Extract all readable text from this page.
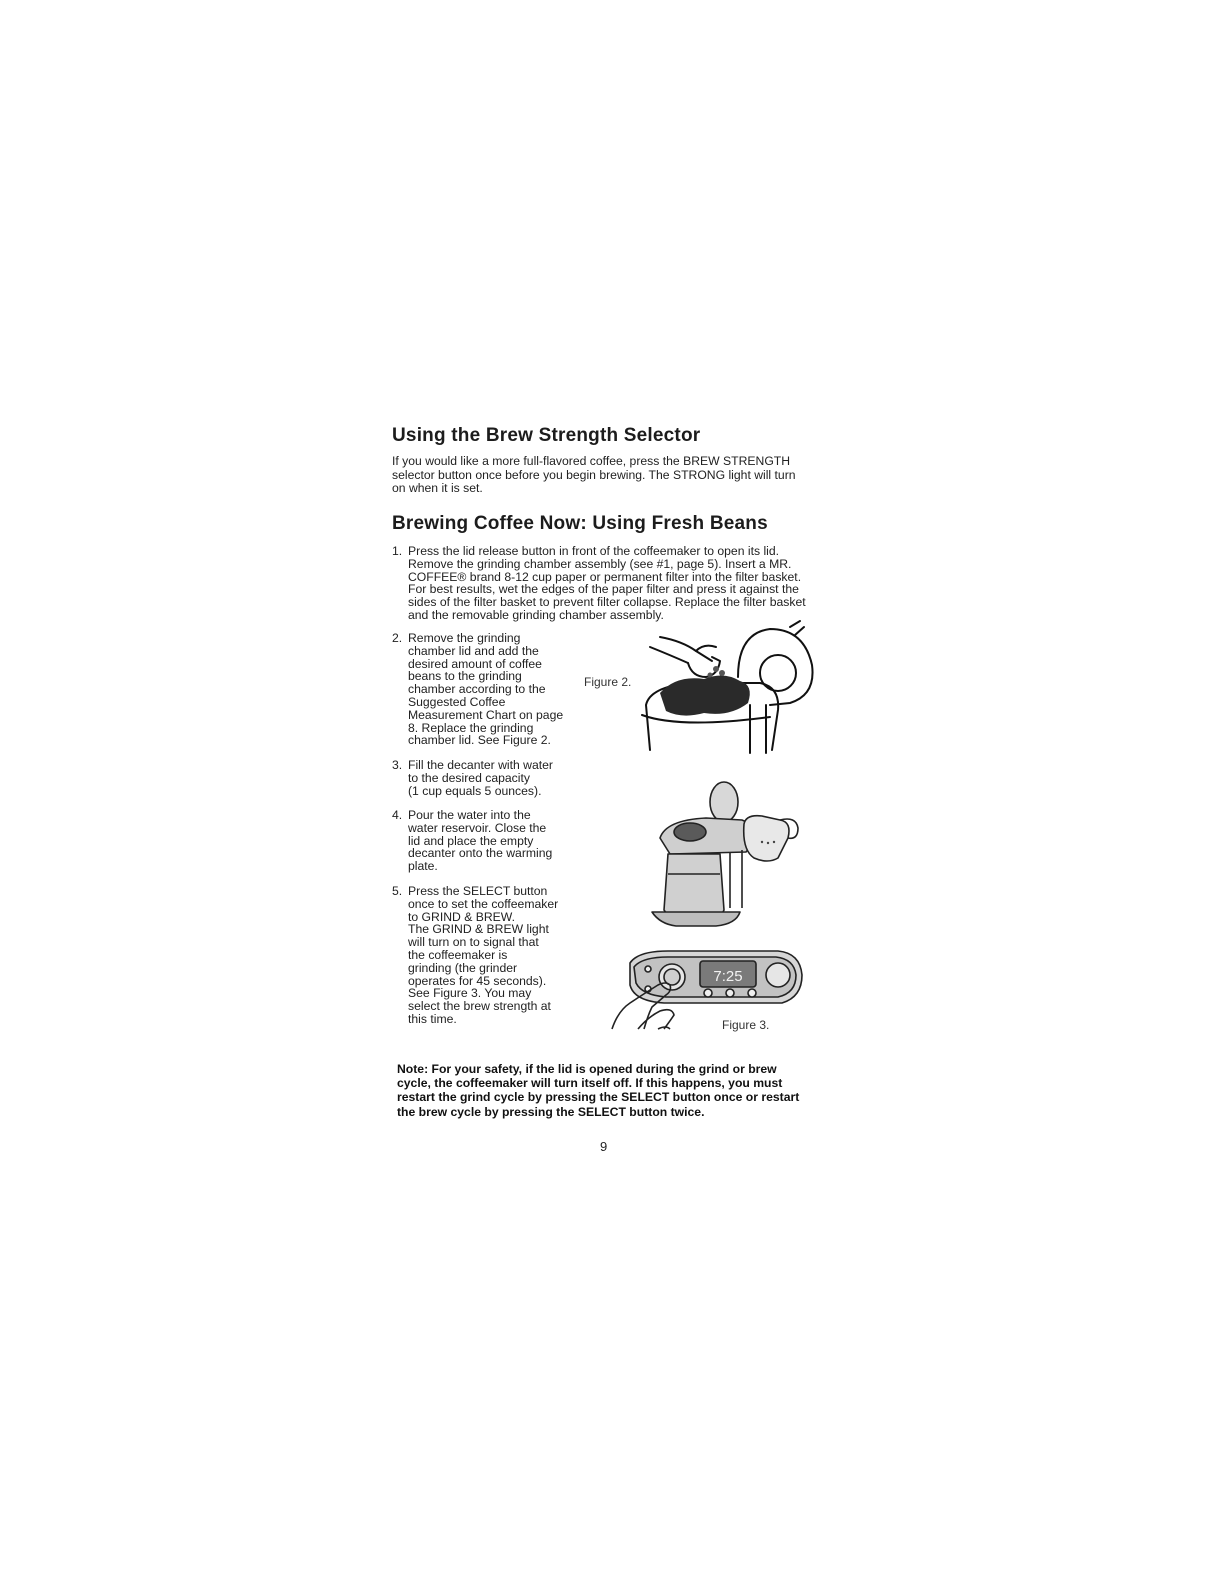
Using the Brew Strength Selector
If you would like a more full-flavored coffee, press the BREW STRENGTH
selector button once before you begin brewing. The STRONG light will turn
on when it is set.
Brewing Coffee Now: Using Fresh Beans
1. Press the lid release button in front of the coffeemaker to open its lid.
Remove the grinding chamber assembly (see #1, page 5). Insert a MR.
COFFEE® brand 8-12 cup paper or permanent filter into the filter basket.
For best results, wet the edges of the paper filter and press it against the
sides of the filter basket to prevent filter collapse. Replace the filter basket
and the removable grinding chamber assembly.
2. Remove the grinding
chamber lid and add the
desired amount of coffee
beans to the grinding
chamber according to the
Suggested Coffee
Measurement Chart on page
8. Replace the grinding
chamber lid. See Figure 2.
3. Fill the decanter with water
to the desired capacity
(1 cup equals 5 ounces).
4. Pour the water into the
water reservoir. Close the
lid and place the empty
decanter onto the warming
plate.
5. Press the SELECT button
once to set the coffeemaker
to GRIND & BREW.
The GRIND & BREW light
will turn on to signal that
the coffeemaker is
grinding (the grinder
operates for 45 seconds).
See Figure 3. You may
select the brew strength at
this time.
Figure 2.
7:25
Figure 3.
Note: For your safety, if the lid is opened during the grind or brew
cycle, the coffeemaker will turn itself off. If this happens, you must
restart the grind cycle by pressing the SELECT button once or restart
the brew cycle by pressing the SELECT button twice.
9
